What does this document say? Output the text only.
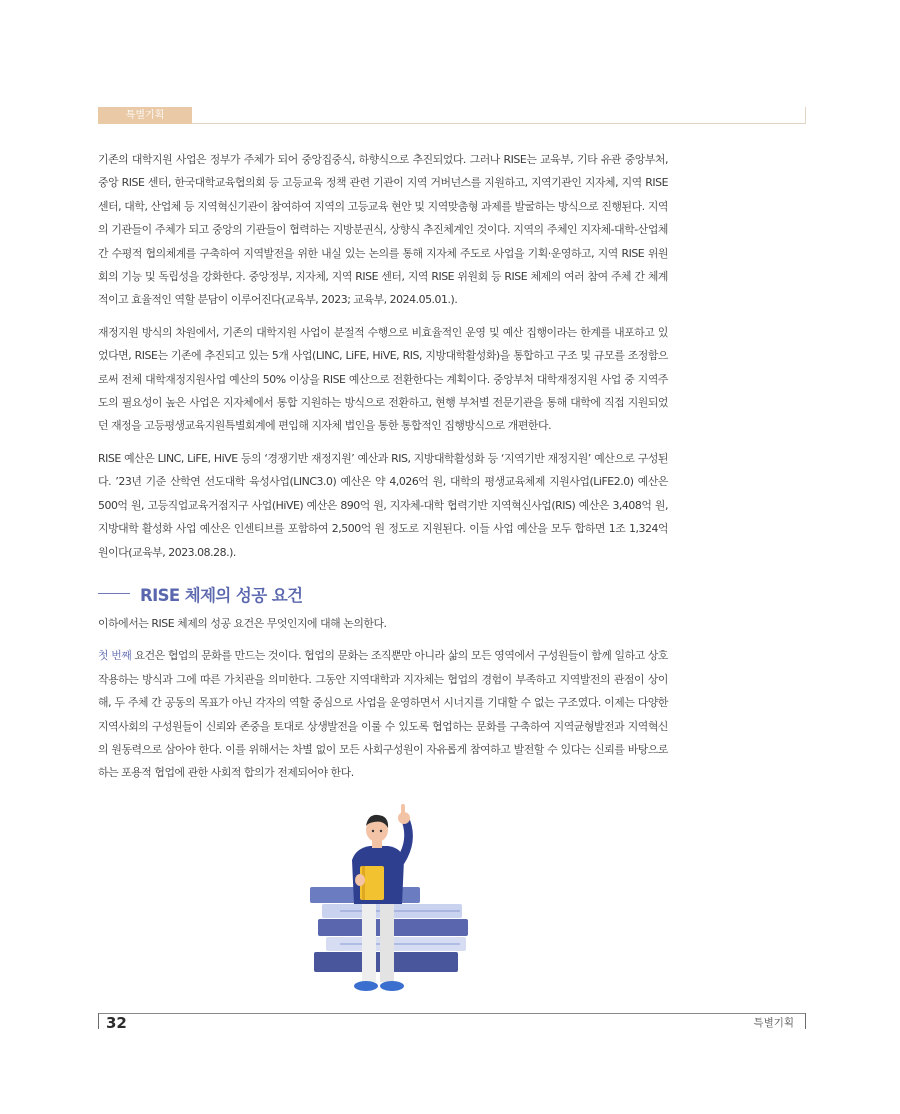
특별기획

기존의 대학지원 사업은 정부가 주체가 되어 중앙집중식, 하향식으로 추진되었다. 그러나 RISE는 교육부, 기타 유관 중앙부처, 중앙 RISE 센터, 한국대학교육협의회 등 고등교육 정책 관련 기관이 지역 거버넌스를 지원하고, 지역기관인 지자체, 지역 RISE 센터, 대학, 산업체 등 지역혁신기관이 참여하여 지역의 고등교육 현안 및 지역맞춤형 과제를 발굴하는 방식으로 진행된다. 지역의 기관들이 주체가 되고 중앙의 기관들이 협력하는 지방분권식, 상향식 추진체계인 것이다. 지역의 주체인 지자체-대학-산업체 간 수평적 협의체계를 구축하여 지역발전을 위한 내실 있는 논의를 통해 지자체 주도로 사업을 기획·운영하고, 지역 RISE 위원회의 기능 및 독립성을 강화한다. 중앙정부, 지자체, 지역 RISE 센터, 지역 RISE 위원회 등 RISE 체제의 여러 참여 주체 간 체계적이고 효율적인 역할 분담이 이루어진다(교육부, 2023; 교육부, 2024.05.01.).

재정지원 방식의 차원에서, 기존의 대학지원 사업이 분절적 수행으로 비효율적인 운영 및 예산 집행이라는 한계를 내포하고 있었다면, RISE는 기존에 추진되고 있는 5개 사업(LINC, LiFE, HiVE, RIS, 지방대학활성화)을 통합하고 구조 및 규모를 조정함으로써 전체 대학재정지원사업 예산의 50% 이상을 RISE 예산으로 전환한다는 계획이다. 중앙부처 대학재정지원 사업 중 지역주도의 필요성이 높은 사업은 지자체에서 통합 지원하는 방식으로 전환하고, 현행 부처별 전문기관을 통해 대학에 직접 지원되었던 재정을 고등평생교육지원특별회계에 편입해 지자체 법인을 통한 통합적인 집행방식으로 개편한다.

RISE 예산은 LINC, LiFE, HiVE 등의 ‘경쟁기반 재정지원’ 예산과 RIS, 지방대학활성화 등 ‘지역기반 재정지원’ 예산으로 구성된다. ’23년 기준 산학연 선도대학 육성사업(LINC3.0) 예산은 약 4,026억 원, 대학의 평생교육체제 지원사업(LiFE2.0) 예산은 500억 원, 고등직업교육거점지구 사업(HiVE) 예산은 890억 원, 지자체-대학 협력기반 지역혁신사업(RIS) 예산은 3,408억 원, 지방대학 활성화 사업 예산은 인센티브를 포함하여 2,500억 원 정도로 지원된다. 이들 사업 예산을 모두 합하면 1조 1,324억 원이다(교육부, 2023.08.28.).

RISE 체제의 성공 요건

이하에서는 RISE 체제의 성공 요건은 무엇인지에 대해 논의한다.

첫 번째 요건은 협업의 문화를 만드는 것이다. 협업의 문화는 조직뿐만 아니라 삶의 모든 영역에서 구성원들이 함께 일하고 상호작용하는 방식과 그에 따른 가치관을 의미한다. 그동안 지역대학과 지자체는 협업의 경험이 부족하고 지역발전의 관점이 상이해, 두 주체 간 공동의 목표가 아닌 각자의 역할 중심으로 사업을 운영하면서 시너지를 기대할 수 없는 구조였다. 이제는 다양한 지역사회의 구성원들이 신뢰와 존중을 토대로 상생발전을 이룰 수 있도록 협업하는 문화를 구축하여 지역균형발전과 지역혁신의 원동력으로 삼아야 한다. 이를 위해서는 차별 없이 모든 사회구성원이 자유롭게 참여하고 발전할 수 있다는 신뢰를 바탕으로 하는 포용적 협업에 관한 사회적 합의가 전제되어야 한다.

32	특별기획
